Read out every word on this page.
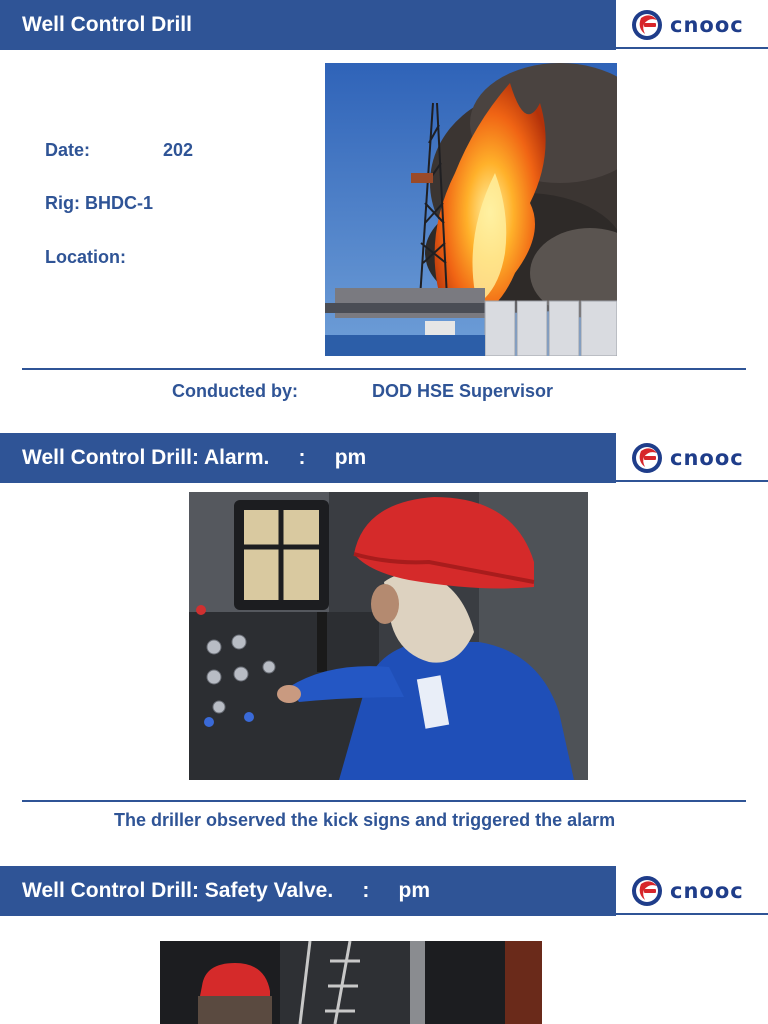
Well Control Drill	cnooc
Date:	202
Rig: BHDC-1
Location:
Conducted by:	DOD HSE Supervisor
Well Control Drill: Alarm.     :     pm	cnooc
The driller observed the kick signs and triggered the alarm
Well Control Drill: Safety Valve.     :     pm	cnooc
